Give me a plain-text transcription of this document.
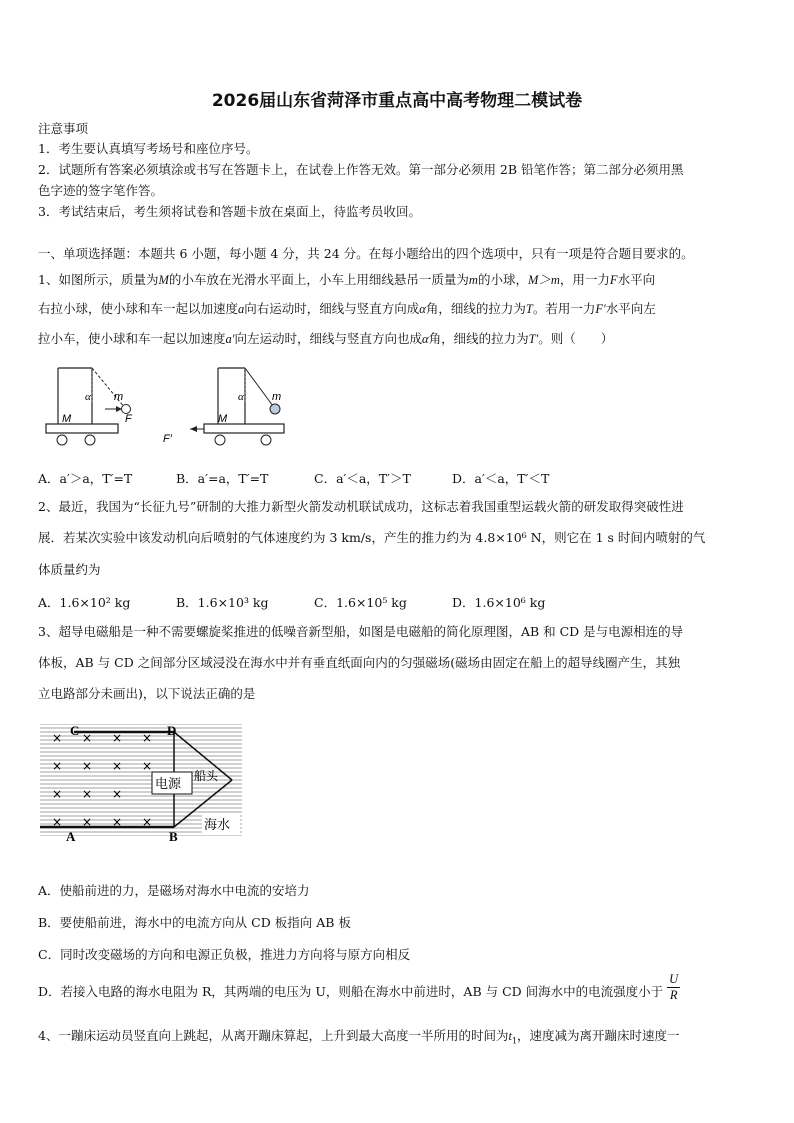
2026届山东省菏泽市重点高中高考物理二模试卷
注意事项
1．考生要认真填写考场号和座位序号。
2．试题所有答案必须填涂或书写在答题卡上，在试卷上作答无效。第一部分必须用 2B 铅笔作答；第二部分必须用黑
色字迹的签字笔作答。
3．考试结束后，考生须将试卷和答题卡放在桌面上，待监考员收回。
一、单项选择题：本题共 6 小题，每小题 4 分，共 24 分。在每小题给出的四个选项中，只有一项是符合题目要求的。
1、如图所示，质量为M的小车放在光滑水平面上，小车上用细线悬吊一质量为m的小球，M＞m，用一力F水平向
右拉小球，使小球和车一起以加速度a向右运动时，细线与竖直方向成α角，细线的拉力为T。若用一力F′水平向左
拉小车，使小球和车一起以加速度a′向左运动时，细线与竖直方向也成α角，细线的拉力为T′。则（　　）
α m
M	F
α	m
M
F′
A．a′＞a，T′=T	B．a′=a，T′=T	C．a′＜a，T′＞T	D．a′＜a，T′＜T
2、最近，我国为“长征九号”研制的大推力新型火箭发动机联试成功，这标志着我国重型运载火箭的研发取得突破性进
展．若某次实验中该发动机向后喷射的气体速度约为 3 km/s，产生的推力约为 4.8×10⁶ N，则它在 1 s 时间内喷射的气
体质量约为
A．1.6×10² kg	B．1.6×10³ kg	C．1.6×10⁵ kg	D．1.6×10⁶ kg
3、超导电磁船是一种不需要螺旋桨推进的低噪音新型船，如图是电磁船的简化原理图，AB 和 CD 是与电源相连的导
体板，AB 与 CD 之间部分区域浸没在海水中并有垂直纸面向内的匀强磁场(磁场由固定在船上的超导线圈产生，其独
立电路部分未画出)，以下说法正确的是
电源
船头
海水
C	D
A	B
× × × ×
× × × ×
× × ×
× × × ×
A．使船前进的力，是磁场对海水中电流的安培力
B．要使船前进，海水中的电流方向从 CD 板指向 AB 板
C．同时改变磁场的方向和电源正负极，推进力方向将与原方向相反
D．若接入电路的海水电阻为 R，其两端的电压为 U，则船在海水中前进时，AB 与 CD 间海水中的电流强度小于 $\frac{U}{R}$
4、一蹦床运动员竖直向上跳起，从离开蹦床算起，上升到最大高度一半所用的时间为$t_1$，速度减为离开蹦床时速度一
